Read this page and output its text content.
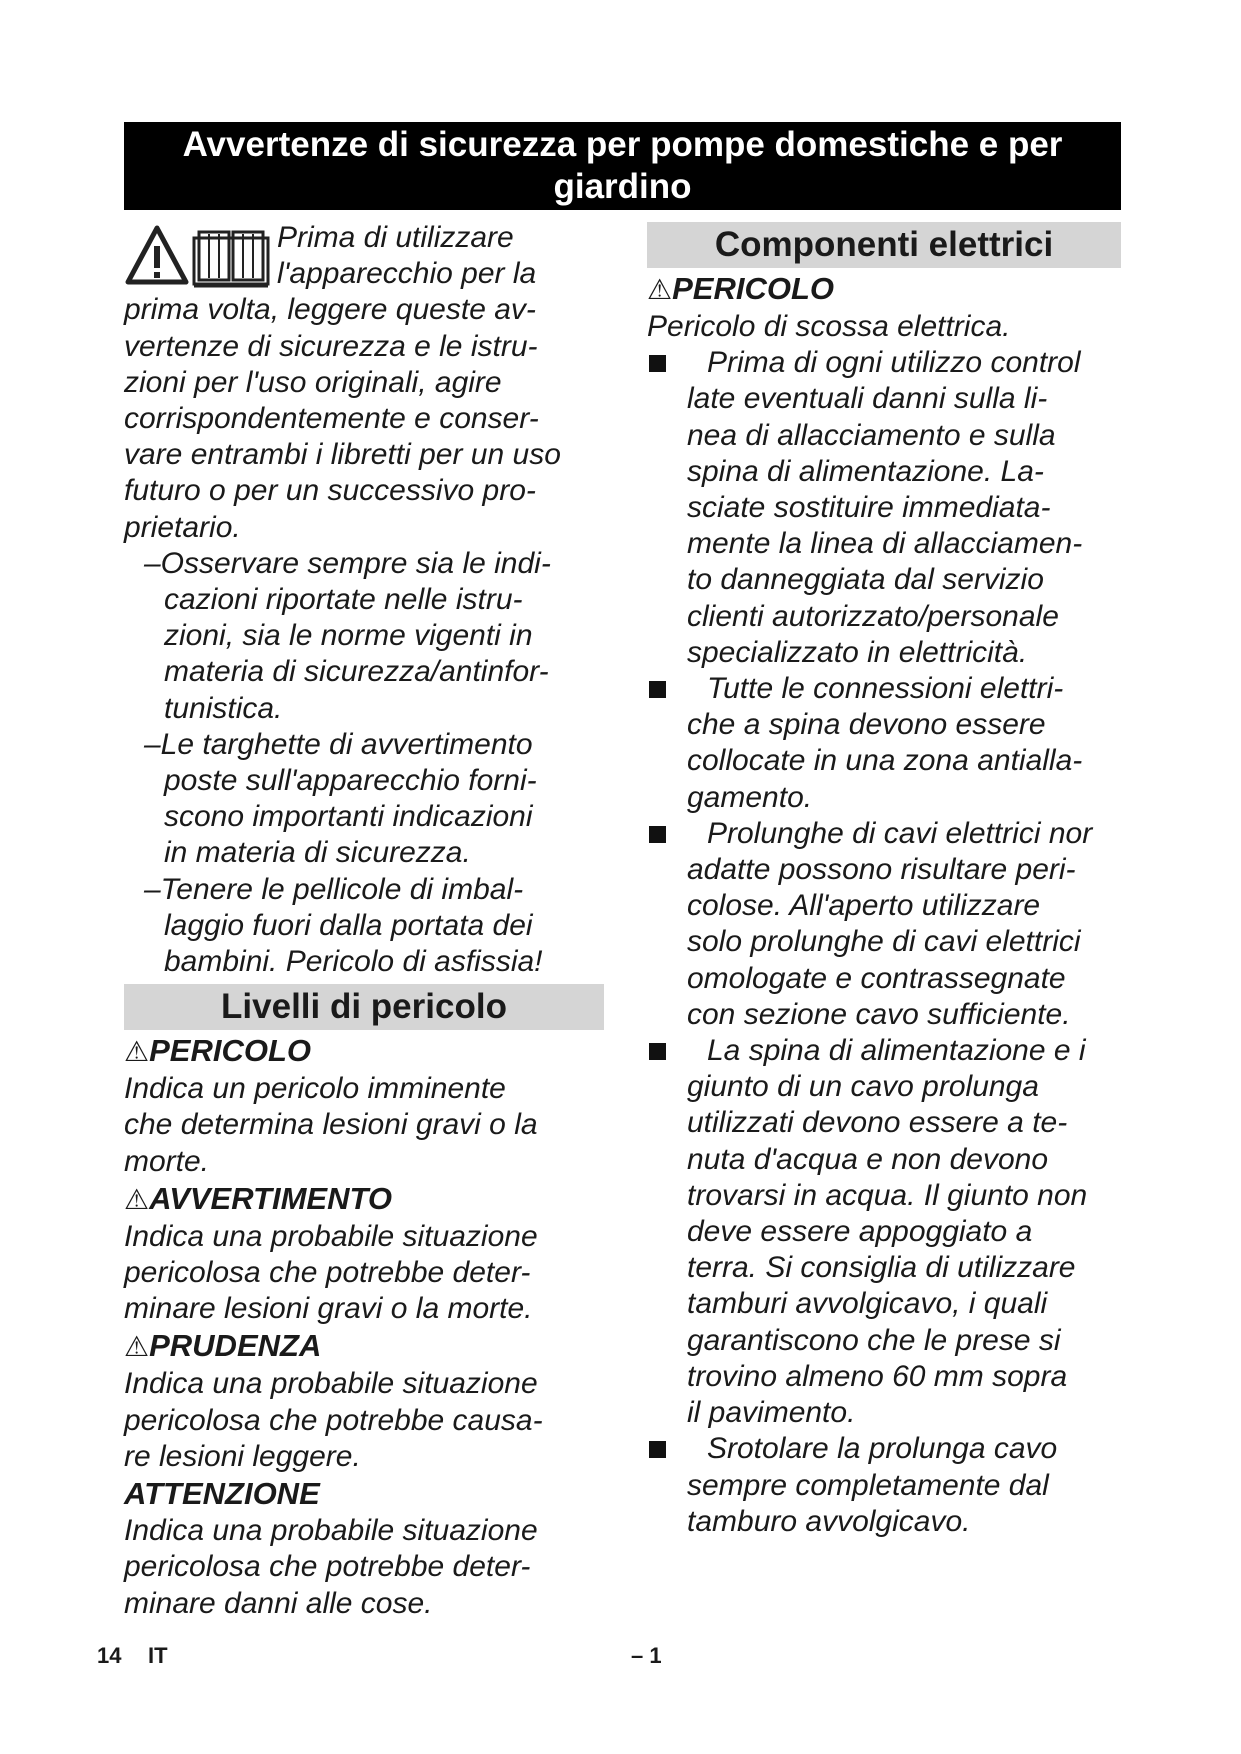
Avvertenze di sicurezza per pompe domestiche e per
giardino
Prima di utilizzare
l'apparecchio per la
prima volta, leggere queste av-
vertenze di sicurezza e le istru-
zioni per l'uso originali, agire
corrispondentemente e conser-
vare entrambi i libretti per un uso
futuro o per un successivo pro-
prietario.
–Osservare sempre sia le indi-
cazioni riportate nelle istru-
zioni, sia le norme vigenti in
materia di sicurezza/antinfor-
tunistica.
–Le targhette di avvertimento
poste sull'apparecchio forni-
scono importanti indicazioni
in materia di sicurezza.
–Tenere le pellicole di imbal-
laggio fuori dalla portata dei
bambini. Pericolo di asfissia!
Livelli di pericolo
⚠PERICOLO
Indica un pericolo imminente
che determina lesioni gravi o la
morte.
⚠AVVERTIMENTO
Indica una probabile situazione
pericolosa che potrebbe deter-
minare lesioni gravi o la morte.
⚠PRUDENZA
Indica una probabile situazione
pericolosa che potrebbe causa-
re lesioni leggere.
ATTENZIONE
Indica una probabile situazione
pericolosa che potrebbe deter-
minare danni alle cose.
Componenti elettrici
⚠PERICOLO
Pericolo di scossa elettrica.
Prima di ogni utilizzo control
late eventuali danni sulla li-
nea di allacciamento e sulla
spina di alimentazione. La-
sciate sostituire immediata-
mente la linea di allacciamen-
to danneggiata dal servizio
clienti autorizzato/personale
specializzato in elettricità.
Tutte le connessioni elettri-
che a spina devono essere
collocate in una zona antialla-
gamento.
Prolunghe di cavi elettrici nor
adatte possono risultare peri-
colose. All'aperto utilizzare
solo prolunghe di cavi elettrici
omologate e contrassegnate
con sezione cavo sufficiente.
La spina di alimentazione e i
giunto di un cavo prolunga
utilizzati devono essere a te-
nuta d'acqua e non devono
trovarsi in acqua. Il giunto non
deve essere appoggiato a
terra. Si consiglia di utilizzare
tamburi avvolgicavo, i quali
garantiscono che le prese si
trovino almeno 60 mm sopra
il pavimento.
Srotolare la prolunga cavo
sempre completamente dal
tamburo avvolgicavo.
14 IT	– 1
